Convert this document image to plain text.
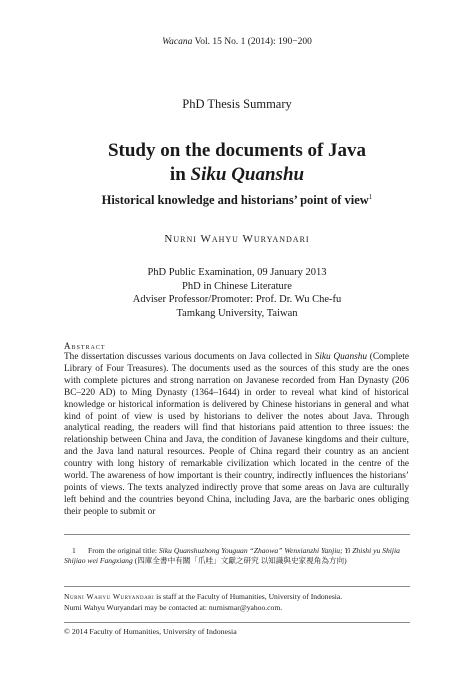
Wacana Vol. 15 No. 1 (2014): 190−200
PhD Thesis Summary
Study on the documents of Java
in Siku Quanshu
Historical knowledge and historians’ point of view$^1$
Nurni Wahyu Wuryandari
PhD Public Examination, 09 January 2013
PhD in Chinese Literature
Adviser Professor/Promoter: Prof. Dr. Wu Che-fu
Tamkang University, Taiwan
Abstract
The dissertation discusses various documents on Java collected in Siku Quanshu (Complete Library of Four Treasures). The documents used as the sources of this study are the ones with complete pictures and strong narration on Javanese recorded from Han Dynasty (206 BC–220 AD) to Ming Dynasty (1364–1644) in order to reveal what kind of historical knowledge or historical information is delivered by Chinese historians in general and what kind of point of view is used by historians to deliver the notes about Java. Through analytical reading, the readers will find that historians paid attention to three issues: the relationship between China and Java, the condition of Javanese kingdoms and their culture, and the Java land natural resources. People of China regard their country as an ancient country with long history of remarkable civilization which located in the centre of the world. The awareness of how important is their country, indirectly influences the historians’ points of views. The texts analyzed indirectly prove that some areas on Java are culturally left behind and the countries beyond China, including Java, are the barbaric ones obliging their people to submit or
1 From the original title: Siku Quanshuzhong Youguan “Zhaowa” Wenxianzhi Yanjiu; Yi Zhishi yu Shijia Shijiao wei Fangxiang (四庫全書中有關「爪哇」文獻之研究 以知識與史家視角為方向)
Nurni Wahyu Wuryandari is staff at the Faculty of Humanities, University of Indonesia.
Nurni Wahyu Wuryandari may be contacted at: nurnismar@yahoo.com.
© 2014 Faculty of Humanities, University of Indonesia
